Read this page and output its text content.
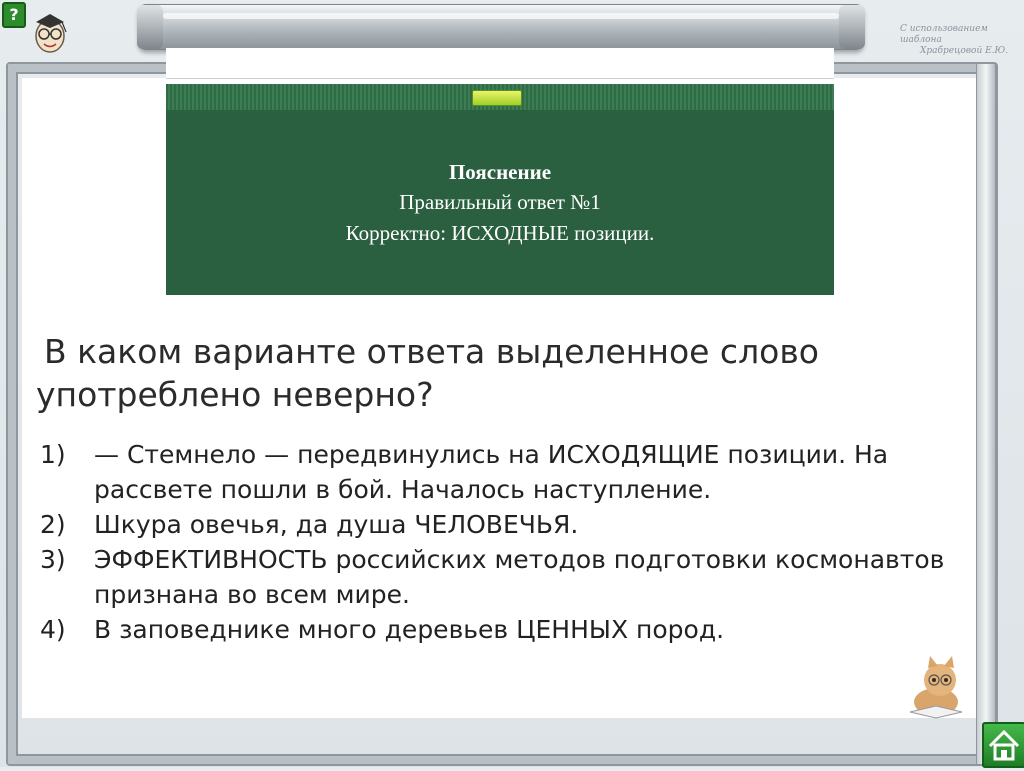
?
С использованием шаблона
Храбрецовой Е.Ю.
Пояснение
Правильный ответ №1
Корректно: ИСХОДНЫЕ позиции.
В каком варианте ответа выделенное слово
употреблено неверно?
1) — Стемнело — передвинулись на ИСХОДЯЩИЕ позиции. На
рассвете пошли в бой. Началось наступление.
2) Шкура овечья, да душа ЧЕЛОВЕЧЬЯ.
3) ЭФФЕКТИВНОСТЬ российских методов подготовки космонавтов
признана во всем мире.
4) В заповеднике много деревьев ЦЕННЫХ пород.
